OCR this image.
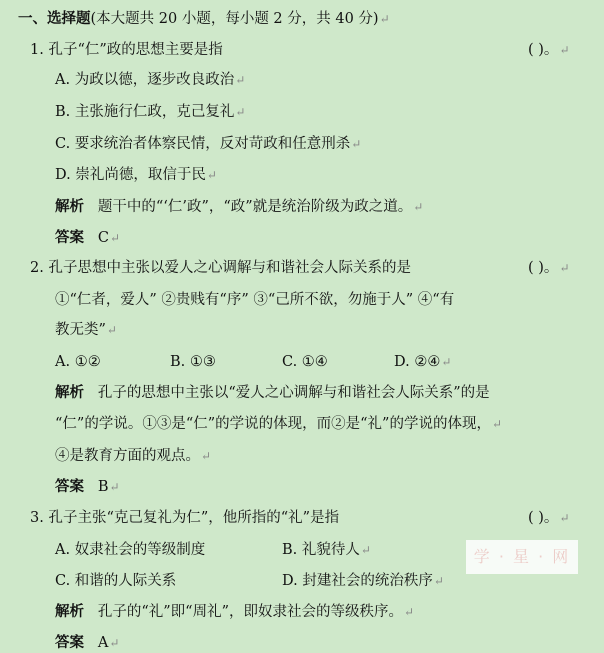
一、选择题(本大题共 20 小题，每小题 2 分，共 40 分)↵
1. 孔子“仁”政的思想主要是指	( )。↵
A. 为政以德，逐步改良政治↵
B. 主张施行仁政，克己复礼↵
C. 要求统治者体察民情，反对苛政和任意刑杀↵
D. 崇礼尚德，取信于民↵
解析 题干中的“‘仁’政”，“政”就是统治阶级为政之道。↵
答案 C↵
2. 孔子思想中主张以爱人之心调解与和谐社会人际关系的是	( )。↵
①“仁者，爱人” ②贵贱有“序” ③“己所不欲，勿施于人” ④“有
教无类”↵
A. ①②	B. ①③	C. ①④	D. ②④↵
解析 孔子的思想中主张以“爱人之心调解与和谐社会人际关系”的是
“仁”的学说。①③是“仁”的学说的体现，而②是“礼”的学说的体现，↵
④是教育方面的观点。↵
答案 B↵
3. 孔子主张“克己复礼为仁”，他所指的“礼”是指	( )。↵
A. 奴隶社会的等级制度	B. 礼貌待人↵
C. 和谐的人际关系	D. 封建社会的统治秩序↵
解析 孔子的“礼”即“周礼”，即奴隶社会的等级秩序。↵
答案 A↵
学 · 星 · 网
